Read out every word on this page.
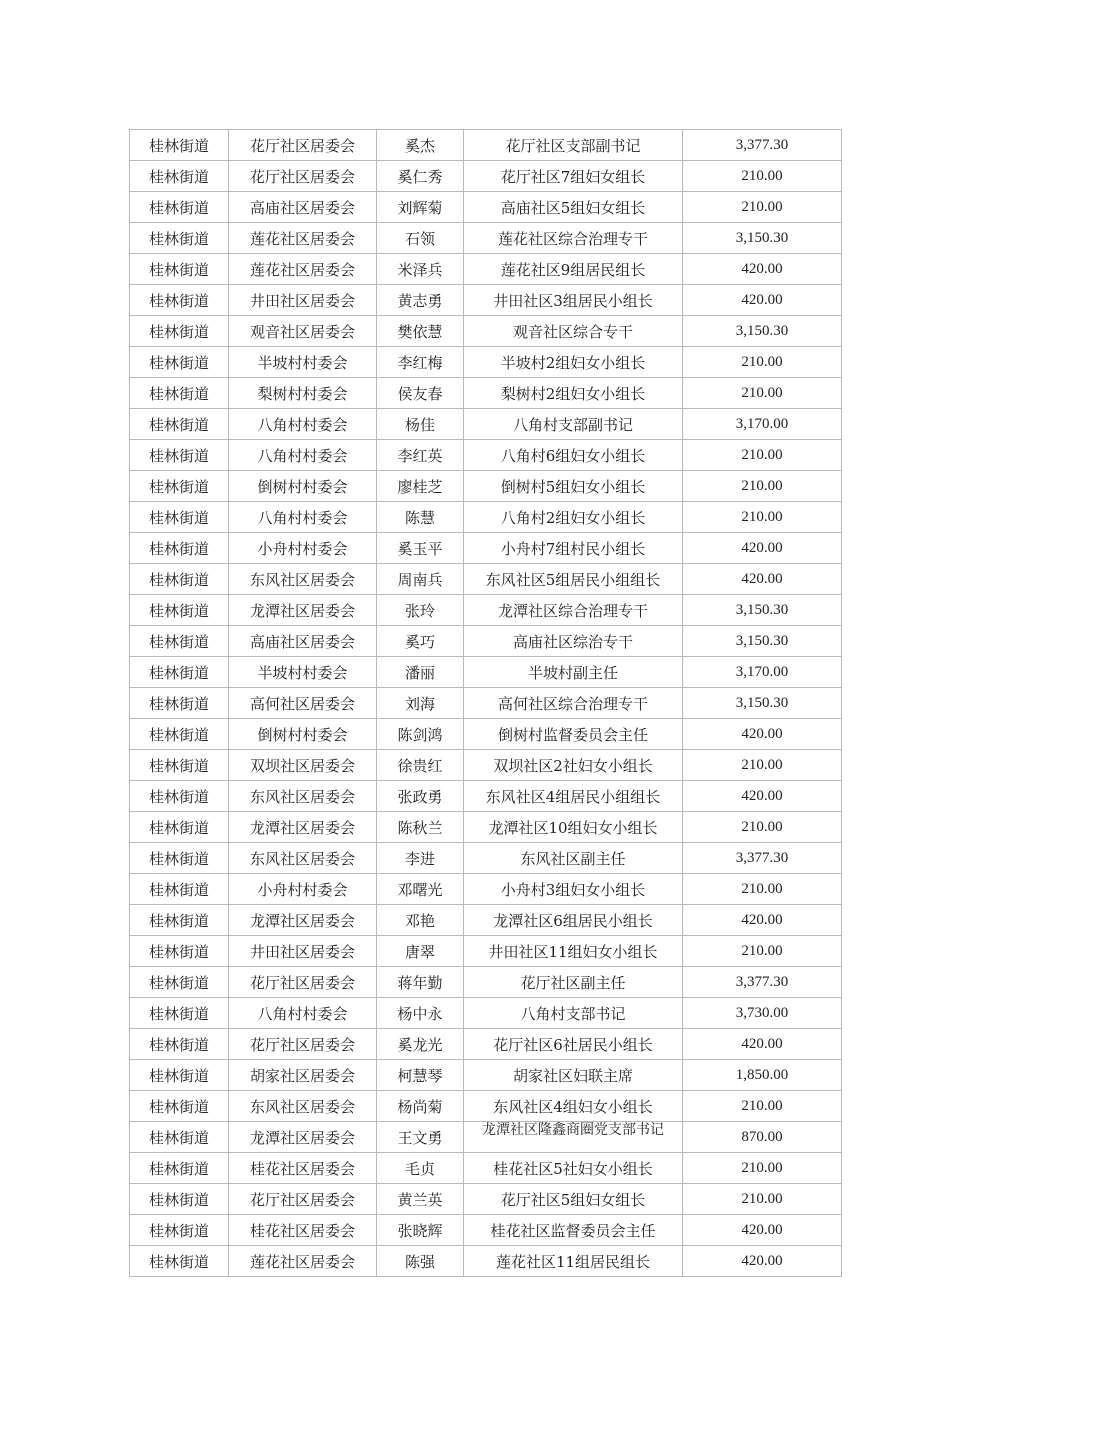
桂林街道	花厅社区居委会	奚杰	花厅社区支部副书记	3,377.30
桂林街道	花厅社区居委会	奚仁秀	花厅社区7组妇女组长	210.00
桂林街道	高庙社区居委会	刘辉菊	高庙社区5组妇女组长	210.00
桂林街道	莲花社区居委会	石领	莲花社区综合治理专干	3,150.30
桂林街道	莲花社区居委会	米泽兵	莲花社区9组居民组长	420.00
桂林街道	井田社区居委会	黄志勇	井田社区3组居民小组长	420.00
桂林街道	观音社区居委会	樊依慧	观音社区综合专干	3,150.30
桂林街道	半坡村村委会	李红梅	半坡村2组妇女小组长	210.00
桂林街道	梨树村村委会	侯友春	梨树村2组妇女小组长	210.00
桂林街道	八角村村委会	杨佳	八角村支部副书记	3,170.00
桂林街道	八角村村委会	李红英	八角村6组妇女小组长	210.00
桂林街道	倒树村村委会	廖桂芝	倒树村5组妇女小组长	210.00
桂林街道	八角村村委会	陈慧	八角村2组妇女小组长	210.00
桂林街道	小舟村村委会	奚玉平	小舟村7组村民小组长	420.00
桂林街道	东风社区居委会	周南兵	东风社区5组居民小组组长	420.00
桂林街道	龙潭社区居委会	张玲	龙潭社区综合治理专干	3,150.30
桂林街道	高庙社区居委会	奚巧	高庙社区综治专干	3,150.30
桂林街道	半坡村村委会	潘丽	半坡村副主任	3,170.00
桂林街道	高何社区居委会	刘海	高何社区综合治理专干	3,150.30
桂林街道	倒树村村委会	陈剑鸿	倒树村监督委员会主任	420.00
桂林街道	双坝社区居委会	徐贵红	双坝社区2社妇女小组长	210.00
桂林街道	东风社区居委会	张政勇	东风社区4组居民小组组长	420.00
桂林街道	龙潭社区居委会	陈秋兰	龙潭社区10组妇女小组长	210.00
桂林街道	东风社区居委会	李进	东风社区副主任	3,377.30
桂林街道	小舟村村委会	邓曙光	小舟村3组妇女小组长	210.00
桂林街道	龙潭社区居委会	邓艳	龙潭社区6组居民小组长	420.00
桂林街道	井田社区居委会	唐翠	井田社区11组妇女小组长	210.00
桂林街道	花厅社区居委会	蒋年勤	花厅社区副主任	3,377.30
桂林街道	八角村村委会	杨中永	八角村支部书记	3,730.00
桂林街道	花厅社区居委会	奚龙光	花厅社区6社居民小组长	420.00
桂林街道	胡家社区居委会	柯慧琴	胡家社区妇联主席	1,850.00
桂林街道	东风社区居委会	杨尚菊	东风社区4组妇女小组长	210.00
桂林街道	龙潭社区居委会	王文勇	龙潭社区隆鑫商圈党支部书记	870.00
桂林街道	桂花社区居委会	毛贞	桂花社区5社妇女小组长	210.00
桂林街道	花厅社区居委会	黄兰英	花厅社区5组妇女组长	210.00
桂林街道	桂花社区居委会	张晓辉	桂花社区监督委员会主任	420.00
桂林街道	莲花社区居委会	陈强	莲花社区11组居民组长	420.00
